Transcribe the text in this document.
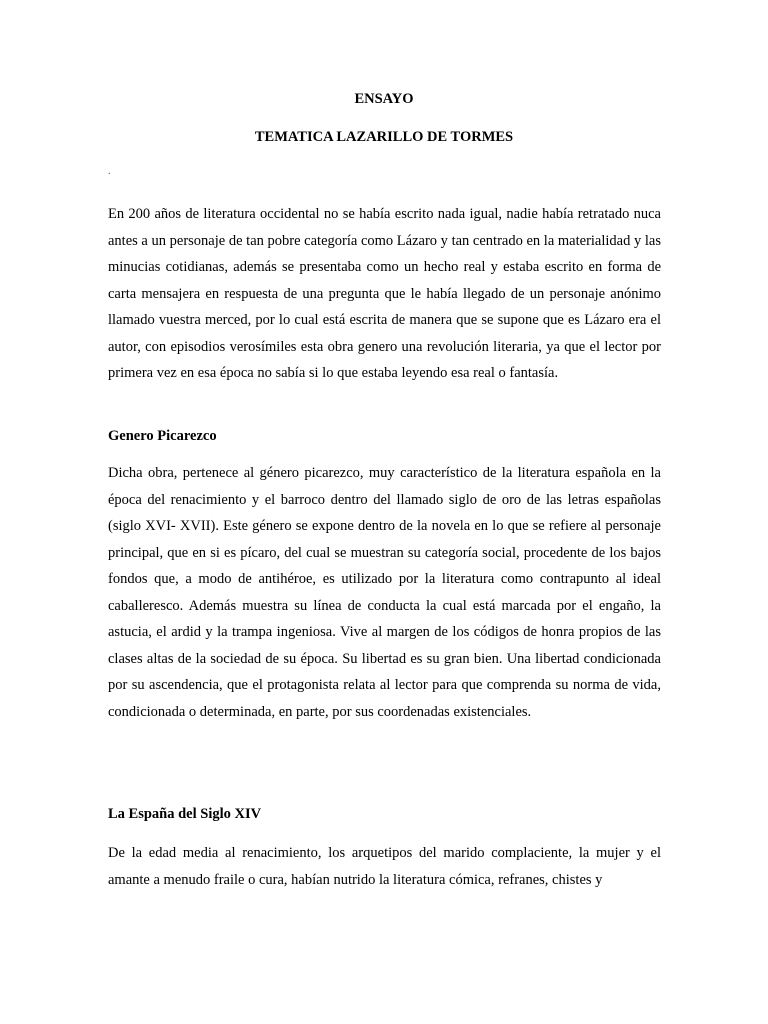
ENSAYO
TEMATICA LAZARILLO DE TORMES
.

En 200 años de literatura occidental no se había escrito nada igual, nadie había retratado nuca antes a un personaje de tan pobre categoría como Lázaro y tan centrado en la materialidad y las minucias cotidianas, además se presentaba como un hecho real y estaba escrito en forma de carta mensajera en respuesta de una pregunta que le había llegado de un personaje anónimo llamado vuestra merced, por lo cual está escrita de manera que se supone que es Lázaro era el autor, con episodios verosímiles esta obra genero una revolución literaria, ya que el lector por primera vez en esa época no sabía si lo que estaba leyendo esa real o fantasía.

Genero Picarezco

Dicha obra, pertenece al género picarezco, muy característico de la literatura española en la época del renacimiento y el barroco dentro del llamado siglo de oro de las letras españolas (siglo XVI- XVII). Este género se expone dentro de la novela en lo que se refiere al personaje principal, que en si es pícaro, del cual se muestran su categoría social, procedente de los bajos fondos que, a modo de antihéroe, es utilizado por la literatura como contrapunto al ideal caballeresco. Además muestra su línea de conducta la cual está marcada por el engaño, la astucia, el ardid y la trampa ingeniosa. Vive al margen de los códigos de honra propios de las clases altas de la sociedad de su época. Su libertad es su gran bien. Una libertad condicionada por su ascendencia, que el protagonista relata al lector para que comprenda su norma de vida, condicionada o determinada, en parte, por sus coordenadas existenciales.

La España del Siglo XIV

De la edad media al renacimiento, los arquetipos del marido complaciente, la mujer y el amante a menudo fraile o cura, habían nutrido la literatura cómica, refranes, chistes y
